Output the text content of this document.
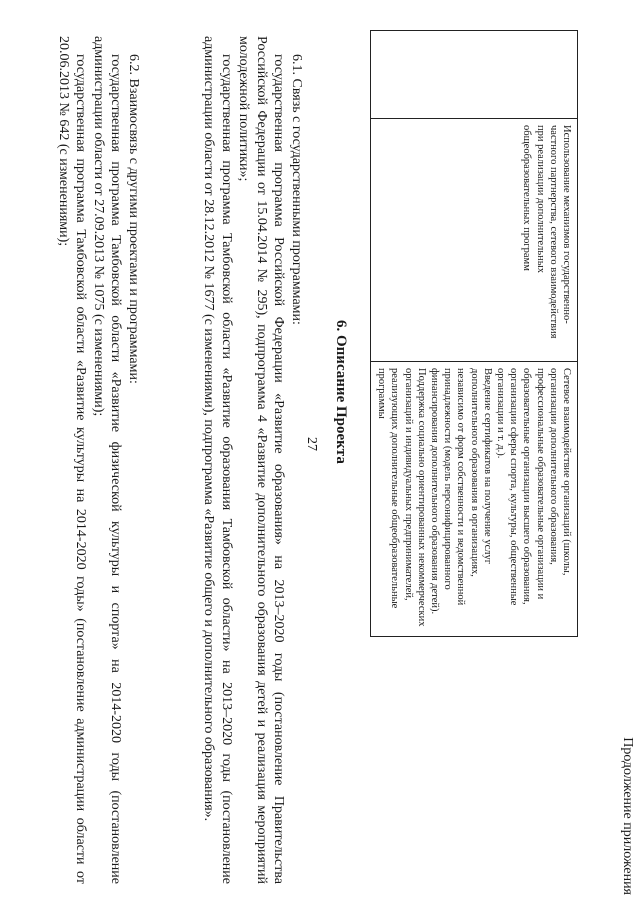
27
Продолжение приложения
	Использование механизмов государственно-частного партнерства, сетевого взаимодействия при реализации дополнительных общеобразовательных программ	Сетевое взаимодействие организаций (школы, организации дополнительного образования, профессиональные образовательные организации и образовательные организации высшего образования, организации сферы спорта, культуры, общественные организации и т. д.).
Введение сертификатов на получение услуг дополнительного образования в организациях, независимо от форм собственности и ведомственной принадлежности (модель персонифицированного финансирования дополнительного образования детей).
Поддержка социально ориентированных некоммерческих организаций и индивидуальных предпринимателей, реализующих дополнительные общеобразовательные программы
6. Описание Проекта

6.1. Связь с государственными программами:

государственная программа Российской Федерации «Развитие образования» на 2013–2020 годы (постановление Правительства Российской Федерации от 15.04.2014 № 295), подпрограмма 4 «Развитие дополнительного образования детей и реализация мероприятий молодежной политики»;

государственная программа Тамбовской области «Развитие образования Тамбовской области» на 2013–2020 годы (постановление администрации области от 28.12.2012 № 1677 (с изменениями), подпрограмма «Развитие общего и дополнительного образования».

6.2. Взаимосвязь с другими проектами и программами:

государственная программа Тамбовской области «Развитие физической культуры и спорта» на 2014-2020 годы (постановление администрации области от 27.09.2013 № 1075 (с изменениями);

государственная программа Тамбовской области «Развитие культуры на 2014-2020 годы» (постановление администрации области от 20.06.2013 № 642 (с изменениями);
